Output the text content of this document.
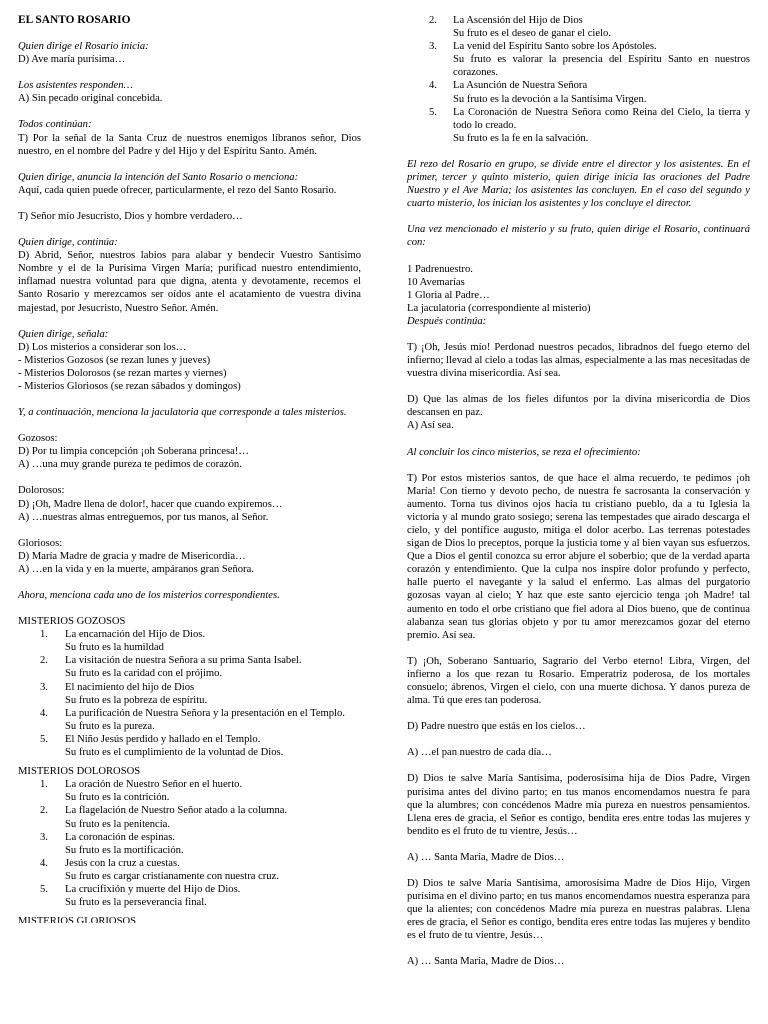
EL SANTO ROSARIO

Quien dirige el Rosario inicia:

D) Ave maría purísima…

Los asistentes responden…

A) Sin pecado original concebida.

Todos continúan:

T) Por la señal de la Santa Cruz de nuestros enemigos líbranos señor, Dios nuestro, en el nombre del Padre y del Hijo y del Espíritu Santo. Amén.

Quien dirige, anuncia la intención del Santo Rosario o menciona:

Aquí, cada quien puede ofrecer, particularmente, el rezo del Santo Rosario.

T) Señor mío Jesucristo, Dios y hombre verdadero…

Quien dirige, continúa:

D) Abrid, Señor, nuestros labios para alabar y bendecir Vuestro Santísimo Nombre y el de la Purísima Virgen María; purificad nuestro entendimiento, inflamad nuestra voluntad para que digna, atenta y devotamente, recemos el Santo Rosario y merezcamos ser oídos ante el acatamiento de vuestra divina majestad, por Jesucristo, Nuestro Señor. Amén.

Quien dirige, señala:

D) Los misterios a considerar son los…

- Misterios Gozosos (se rezan lunes y jueves)

- Misterios Dolorosos (se rezan martes y viernes)

- Misterios Gloriosos (se rezan sábados y domingos)

Y, a continuación, menciona la jaculatoria que corresponde a tales misterios.

Gozosos:

D) Por tu limpia concepción ¡oh Soberana princesa!…

A) …una muy grande pureza te pedimos de corazón.

Dolorosos:

D) ¡Oh, Madre llena de dolor!, hacer que cuando expiremos…

A) …nuestras almas entreguemos, por tus manos, al Señor.

Gloriosos:

D) María Madre de gracia y madre de Misericordia…

A) …en la vida y en la muerte, ampáranos gran Señora.

Ahora, menciona cada uno de los misterios correspondientes.

MISTERIOS GOZOSOS

1.	La encarnación del Hijo de Dios.
Su fruto es la humildad
2.	La visitación de nuestra Señora a su prima Santa Isabel.
Su fruto es la caridad con el prójimo.
3.	El nacimiento del hijo de Dios
Su fruto es la pobreza de espíritu.
4.	La purificación de Nuestra Señora y la presentación en el Templo.
Su fruto es la pureza.
5.	El Niño Jesús perdido y hallado en el Templo.
Su fruto es el cumplimiento de la voluntad de Dios.

MISTERIOS DOLOROSOS

1.	La oración de Nuestro Señor en el huerto.
Su fruto es la contrición.
2.	La flagelación de Nuestro Señor atado a la columna.
Su fruto es la penitencia.
3.	La coronación de espinas.
Su fruto es la mortificación.
4.	Jesús con la cruz a cuestas.
Su fruto es cargar cristianamente con nuestra cruz.
5.	La crucifixión y muerte del Hijo de Dios.
Su fruto es la perseverancia final.

MISTERIOS GLORIOSOS

2.	La Ascensión del Hijo de Dios
Su fruto es el deseo de ganar el cielo.
3.	La venid del Espíritu Santo sobre los Apóstoles.
Su fruto es valorar la presencia del Espíritu Santo en nuestros corazones.
4.	La Asunción de Nuestra Señora
Su fruto es la devoción a la Santísima Virgen.
5.	La Coronación de Nuestra Señora como Reina del Cielo, la tierra y todo lo creado.
Su fruto es la fe en la salvación.

El rezo del Rosario en grupo, se divide entre el director y los asistentes. En el primer, tercer y quinto misterio, quien dirige inicia las oraciones del Padre Nuestro y el Ave María; los asistentes las concluyen. En el caso del segundo y cuarto misterio, los inician los asistentes y los concluye el director.

Una vez mencionado el misterio y su fruto, quien dirige el Rosario, continuará con:

1 Padrenuestro.

10 Avemarías

1 Gloria al Padre…

La jaculatoria (correspondiente al misterio)

Después continúa:

T) ¡Oh, Jesús mío! Perdonad nuestros pecados, libradnos del fuego eterno del infierno; llevad al cielo a todas las almas, especialmente a las mas necesitadas de vuestra divina misericordia. Así sea.

D) Que las almas de los fieles difuntos por la divina misericordia de Dios descansen en paz.

A) Así sea.

Al concluir los cinco misterios, se reza el ofrecimiento:

T) Por estos misterios santos, de que hace el alma recuerdo, te pedimos ¡oh María! Con tierno y devoto pecho, de nuestra fe sacrosanta la conservación y aumento. Torna tus divinos ojos hacia tu cristiano pueblo, da a tu Iglesia la victoria y al mundo grato sosiego; serena las tempestades que airado descarga el cielo, y del pontífice augusto, mitiga el dolor acerbo. Las terrenas potestades sigan de Dios lo preceptos, porque la justicia tome y al bien vayan sus esfuerzos. Que a Dios el gentil conozca su error abjure el soberbio; que de la verdad aparta corazón y entendimiento. Que la culpa nos inspire dolor profundo y perfecto, halle puerto el navegante y la salud el enfermo. Las almas del purgatorio gozosas vayan al cielo; Y haz que este santo ejercicio tenga ¡oh Madre! tal aumento en todo el orbe cristiano que fiel adora al Dios bueno, que de continua alabanza sean tus glorias objeto y por tu amor merezcamos gozar del eterno premio. Así sea.

T) ¡Oh, Soberano Santuario, Sagrario del Verbo eterno! Libra, Virgen, del infierno a los que rezan tu Rosario. Emperatriz poderosa, de los mortales consuelo; ábrenos, Virgen el cielo, con una muerte dichosa. Y danos pureza de alma. Tú que eres tan poderosa.

D) Padre nuestro que estás en los cielos…

A) …el pan nuestro de cada día…

D) Dios te salve María Santísima, poderosísima hija de Dios Padre, Virgen purísima antes del divino parto; en tus manos encomendamos nuestra fe para que la alumbres; con concédenos Madre mía pureza en nuestros pensamientos. Llena eres de gracia, el Señor es contigo, bendita eres entre todas las mujeres y bendito es el fruto de tu vientre, Jesús…

A) … Santa María, Madre de Dios…

D) Dios te salve María Santísima, amorosísima Madre de Dios Hijo, Virgen purísima en el divino parto; en tus manos encomendamos nuestra esperanza para que la alientes; con concédenos Madre mía pureza en nuestras palabras. Llena eres de gracia, el Señor es contigo, bendita eres entre todas las mujeres y bendito es el fruto de tu vientre, Jesús…

A) … Santa María, Madre de Dios…
